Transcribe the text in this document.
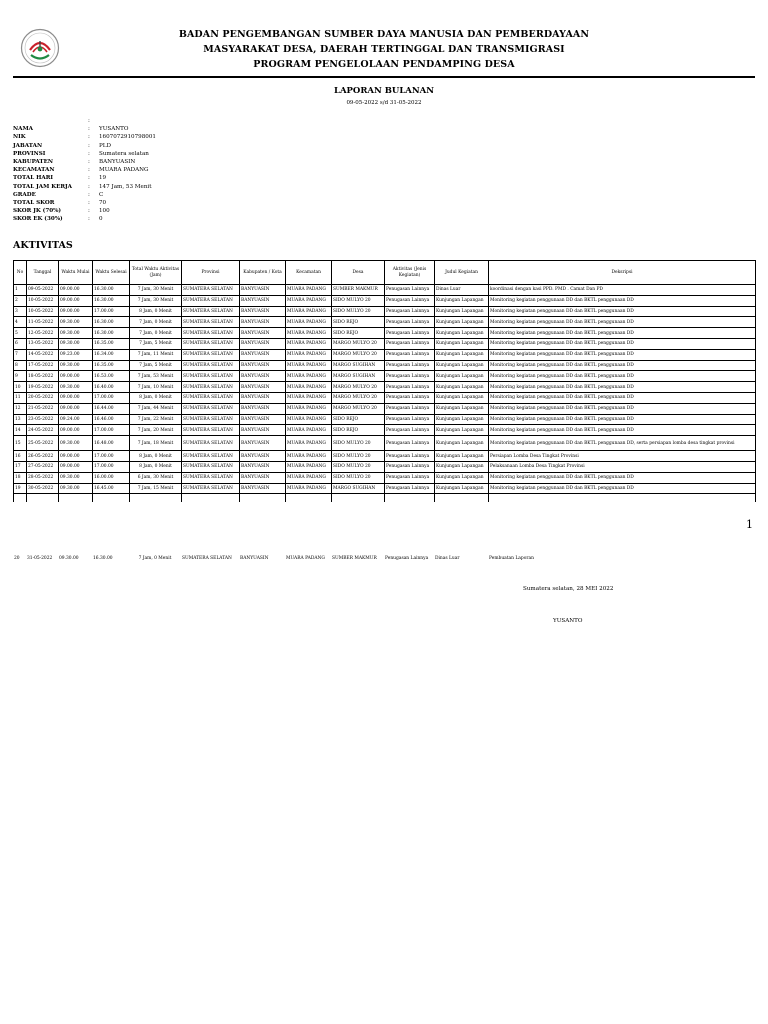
BADAN PENGEMBANGAN SUMBER DAYA MANUSIA DAN PEMBERDAYAAN
MASYARAKAT DESA, DAERAH TERTINGGAL DAN TRANSMIGRASI
PROGRAM PENGELOLAAN PENDAMPING DESA
LAPORAN BULANAN
09-05-2022 s/d 31-05-2022
	:	
NAMA	:	YUSANTO
NIK	:	1607072910798001
JABATAN	:	PLD
PROVINSI	:	Sumatera selatan
KABUPATEN	:	BANYUASIN
KECAMATAN	:	MUARA PADANG
TOTAL HARI	:	19
TOTAL JAM KERJA	:	147 Jam, 53 Menit
GRADE	:	C
TOTAL SKOR	:	70
SKOR JK (70%)	:	100
SKOR EK (30%)	:	0
AKTIVITAS
No	Tanggal	Waktu Mulai	Waktu Selesai	Total Waktu Aktivitas (Jam)	Provinsi	Kabupaten / Kota	Kecamatan	Desa	Aktivitas (Jenis Kegiatan)	Judul Kegiatan	Deksripsi
1	09-05-2022	09.00.00	16.30.00	7 Jam, 30 Menit	SUMATERA SELATAN	BANYUASIN	MUARA PADANG	SUMBER MAKMUR	Penugasan Lainnya	Dinas Luar	koordinasi dengan kasi PPD. PMD . Camat Dan PD
2	10-05-2022	09.00.00	16.30.00	7 Jam, 30 Menit	SUMATERA SELATAN	BANYUASIN	MUARA PADANG	SIDO MULYO 20	Penugasan Lainnya	Kunjungan Lapangan	Monitoring kegiatan penggunaan DD dan BKTL penggunaan DD
3	10-05-2022	09.00.00	17.00.00	8 Jam, 0 Menit	SUMATERA SELATAN	BANYUASIN	MUARA PADANG	SIDO MULYO 20	Penugasan Lainnya	Kunjungan Lapangan	Monitoring kegiatan penggunaan DD dan BKTL penggunaan DD
4	11-05-2022	09.30.00	16.30.00	7 Jam, 0 Menit	SUMATERA SELATAN	BANYUASIN	MUARA PADANG	SIDO REJO	Penugasan Lainnya	Kunjungan Lapangan	Monitoring kegiatan penggunaan DD dan BKTL penggunaan DD
5	12-05-2022	09.30.00	16.30.00	7 Jam, 0 Menit	SUMATERA SELATAN	BANYUASIN	MUARA PADANG	SIDO REJO	Penugasan Lainnya	Kunjungan Lapangan	Monitoring kegiatan penggunaan DD dan BKTL penggunaan DD
6	13-05-2022	09.30.00	16.35.00	7 Jam, 5 Menit	SUMATERA SELATAN	BANYUASIN	MUARA PADANG	MARGO MULYO 20	Penugasan Lainnya	Kunjungan Lapangan	Monitoring kegiatan penggunaan DD dan BKTL penggunaan DD
7	14-05-2022	09.23.00	16.34.00	7 Jam, 11 Menit	SUMATERA SELATAN	BANYUASIN	MUARA PADANG	MARGO MULYO 20	Penugasan Lainnya	Kunjungan Lapangan	Monitoring kegiatan penggunaan DD dan BKTL penggunaan DD
8	17-05-2022	09.30.00	16.35.00	7 Jam, 5 Menit	SUMATERA SELATAN	BANYUASIN	MUARA PADANG	MARGO SUGIHAN	Penugasan Lainnya	Kunjungan Lapangan	Monitoring kegiatan penggunaan DD dan BKTL penggunaan DD
9	18-05-2022	09.00.00	16.53.00	7 Jam, 53 Menit	SUMATERA SELATAN	BANYUASIN	MUARA PADANG	MARGO SUGIHAN	Penugasan Lainnya	Kunjungan Lapangan	Monitoring kegiatan penggunaan DD dan BKTL penggunaan DD
10	19-05-2022	09.30.00	16.40.00	7 Jam, 10 Menit	SUMATERA SELATAN	BANYUASIN	MUARA PADANG	MARGO MULYO 20	Penugasan Lainnya	Kunjungan Lapangan	Monitoring kegiatan penggunaan DD dan BKTL penggunaan DD
11	20-05-2022	09.00.00	17.00.00	8 Jam, 0 Menit	SUMATERA SELATAN	BANYUASIN	MUARA PADANG	MARGO MULYO 20	Penugasan Lainnya	Kunjungan Lapangan	Monitoring kegiatan penggunaan DD dan BKTL penggunaan DD
12	21-05-2022	09.00.00	16.44.00	7 Jam, 44 Menit	SUMATERA SELATAN	BANYUASIN	MUARA PADANG	MARGO MULYO 20	Penugasan Lainnya	Kunjungan Lapangan	Monitoring kegiatan penggunaan DD dan BKTL penggunaan DD
13	23-05-2022	09.24.00	16.46.00	7 Jam, 22 Menit	SUMATERA SELATAN	BANYUASIN	MUARA PADANG	SIDO REJO	Penugasan Lainnya	Kunjungan Lapangan	Monitoring kegiatan penggunaan DD dan BKTL penggunaan DD
14	24-05-2022	09.00.00	17.00.00	7 Jam, 20 Menit	SUMATERA SELATAN	BANYUASIN	MUARA PADANG	SIDO REJO	Penugasan Lainnya	Kunjungan Lapangan	Monitoring kegiatan penggunaan DD dan BKTL penggunaan DD
15	25-05-2022	09.30.00	16.48.00	7 Jam, 18 Menit	SUMATERA SELATAN	BANYUASIN	MUARA PADANG	SIDO MULYO 20	Penugasan Lainnya	Kunjungan Lapangan	Monitoring kegiatan penggunaan DD dan BKTL penggunaan DD, serta persiapan lomba desa tingkat provinsi
16	26-05-2022	09.00.00	17.00.00	8 Jam, 0 Menit	SUMATERA SELATAN	BANYUASIN	MUARA PADANG	SIDO MULYO 20	Penugasan Lainnya	Kunjungan Lapangan	Persiapan Lomba Desa Tingkat Provinsi
17	27-05-2022	09.00.00	17.00.00	8 Jam, 0 Menit	SUMATERA SELATAN	BANYUASIN	MUARA PADANG	SIDO MULYO 20	Penugasan Lainnya	Kunjungan Lapangan	Pelaksanaan Lomba Desa Tingkat Provinsi
18	28-05-2022	09.30.00	16.00.00	6 Jam, 30 Menit	SUMATERA SELATAN	BANYUASIN	MUARA PADANG	SIDO MULYO 20	Penugasan Lainnya	Kunjungan Lapangan	Monitoring kegiatan penggunaan DD dan BKTL penggunaan DD
19	30-05-2022	09.30.00	16.45.00	7 Jam, 15 Menit	SUMATERA SELATAN	BANYUASIN	MUARA PADANG	MARGO SUGIHAN	Penugasan Lainnya	Kunjungan Lapangan	Monitoring kegiatan penggunaan DD dan BKTL penggunaan DD

1
20	31-05-2022	09.30.00	16.30.00	7 Jam, 0 Menit	SUMATERA SELATAN	BANYUASIN	MUARA PADANG	SUMBER MAKMUR	Penugasan Lainnya	Dinas Luar	Pembuatan Laporan
Sumatera selatan, 28 MEI 2022
YUSANTO
